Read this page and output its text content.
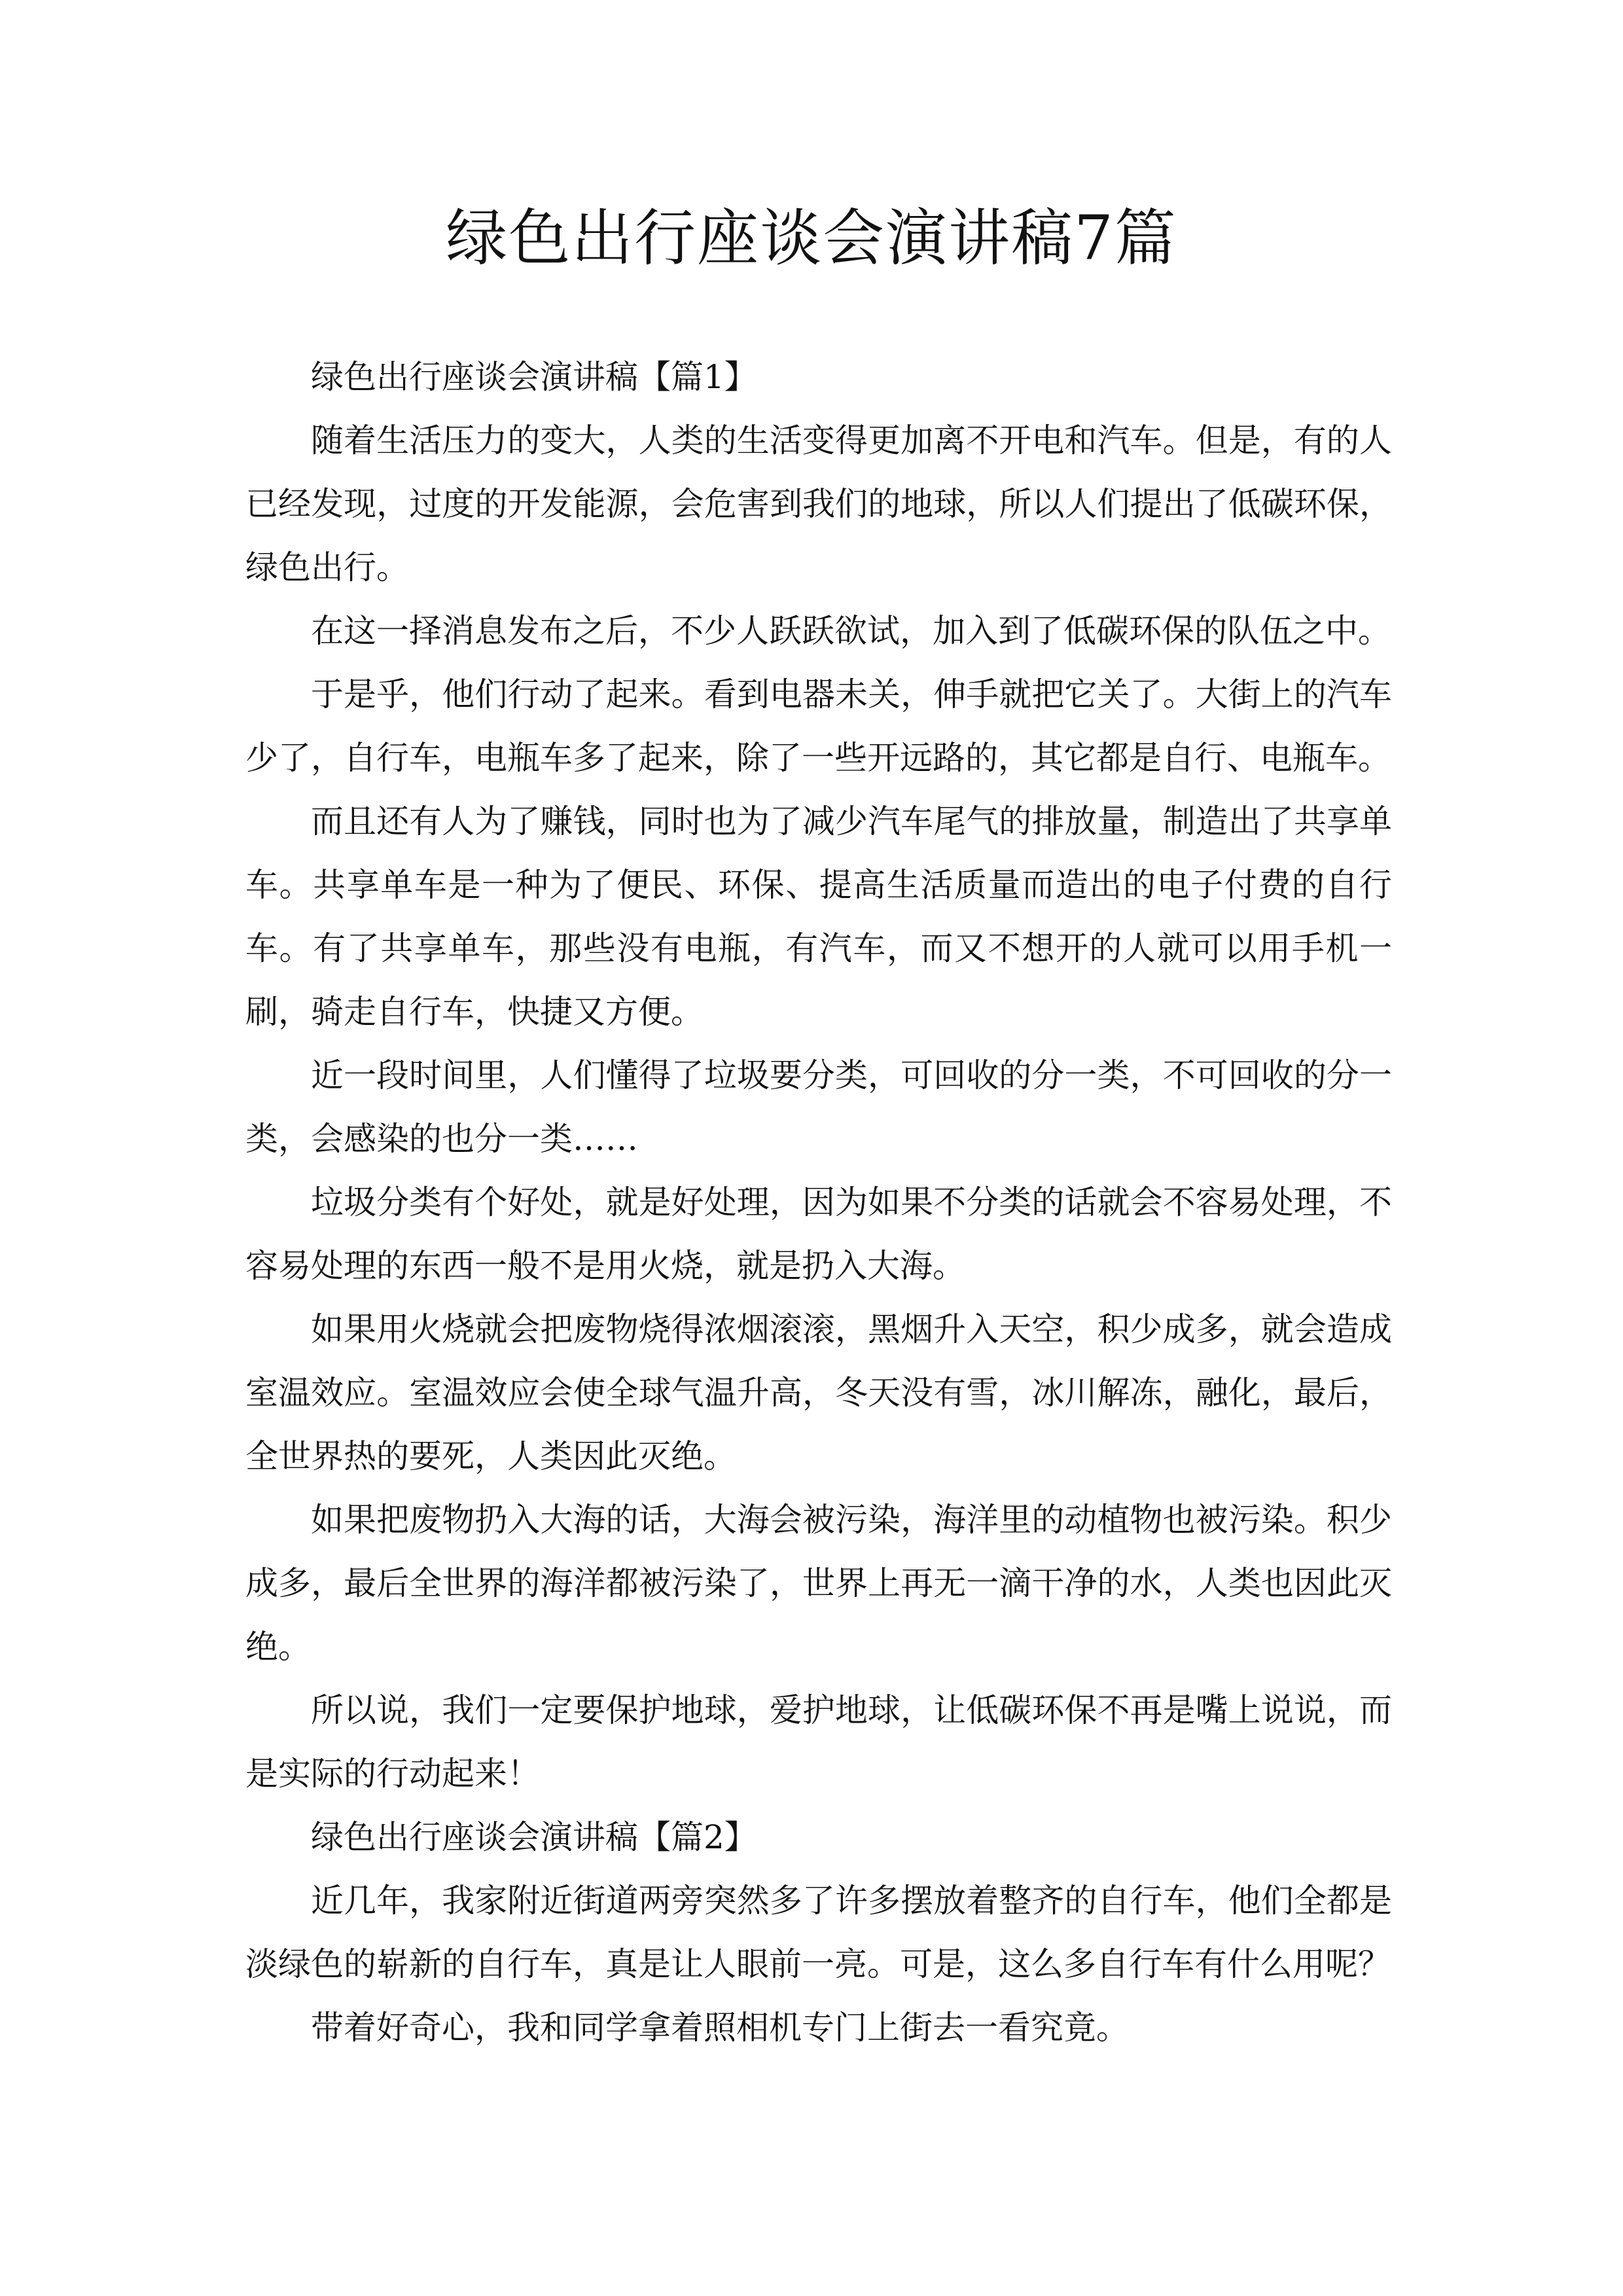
绿色出行座谈会演讲稿7篇

绿色出行座谈会演讲稿【篇1】

随着生活压力的变大，人类的生活变得更加离不开电和汽车。但是，有的人已经发现，过度的开发能源，会危害到我们的地球，所以人们提出了低碳环保，绿色出行。

在这一择消息发布之后，不少人跃跃欲试，加入到了低碳环保的队伍之中。

于是乎，他们行动了起来。看到电器未关，伸手就把它关了。大街上的汽车少了，自行车，电瓶车多了起来，除了一些开远路的，其它都是自行、电瓶车。

而且还有人为了赚钱，同时也为了减少汽车尾气的排放量，制造出了共享单车。共享单车是一种为了便民、环保、提高生活质量而造出的电子付费的自行车。有了共享单车，那些没有电瓶，有汽车，而又不想开的人就可以用手机一刷，骑走自行车，快捷又方便。

近一段时间里，人们懂得了垃圾要分类，可回收的分一类，不可回收的分一类，会感染的也分一类……

垃圾分类有个好处，就是好处理，因为如果不分类的话就会不容易处理，不容易处理的东西一般不是用火烧，就是扔入大海。

如果用火烧就会把废物烧得浓烟滚滚，黑烟升入天空，积少成多，就会造成室温效应。室温效应会使全球气温升高，冬天没有雪，冰川解冻，融化，最后，全世界热的要死，人类因此灭绝。

如果把废物扔入大海的话，大海会被污染，海洋里的动植物也被污染。积少成多，最后全世界的海洋都被污染了，世界上再无一滴干净的水，人类也因此灭绝。

所以说，我们一定要保护地球，爱护地球，让低碳环保不再是嘴上说说，而是实际的行动起来！

绿色出行座谈会演讲稿【篇2】

近几年，我家附近街道两旁突然多了许多摆放着整齐的自行车，他们全都是淡绿色的崭新的自行车，真是让人眼前一亮。可是，这么多自行车有什么用呢？

带着好奇心，我和同学拿着照相机专门上街去一看究竟。
